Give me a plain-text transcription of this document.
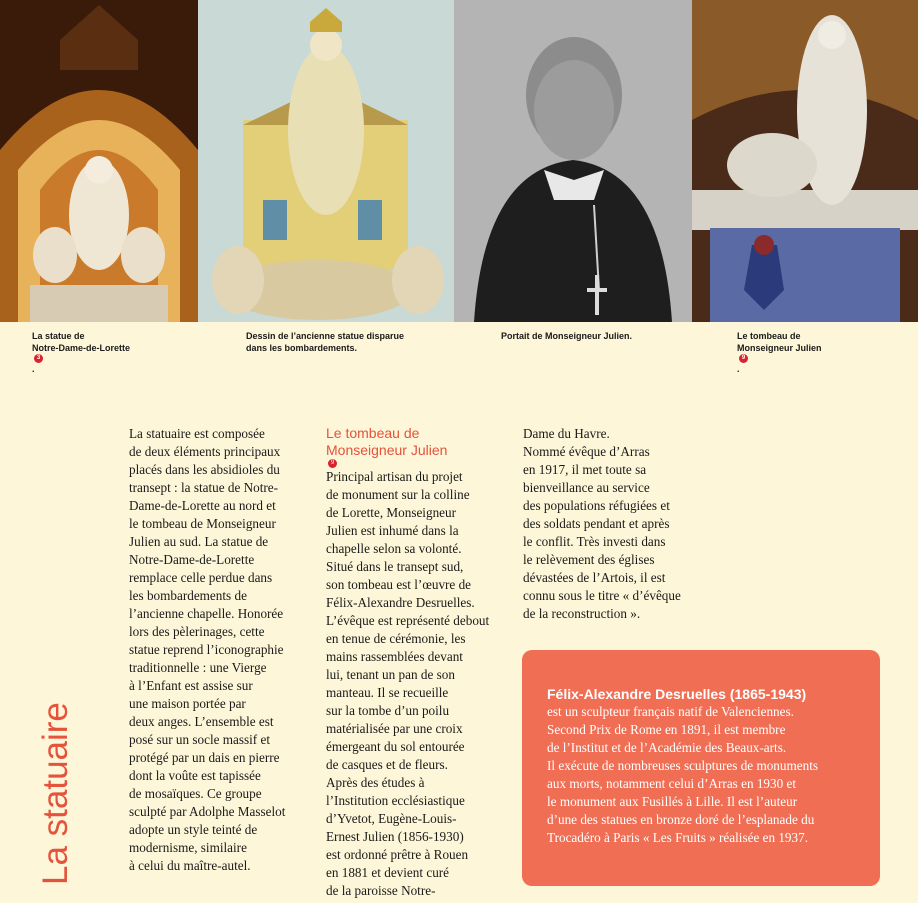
La statue de
Notre-Dame-de-Lorette
3
.
Dessin de l’ancienne statue disparue
dans les bombardements.
Portait de Monseigneur Julien.	Le tombeau de
Monseigneur Julien
9
.
La statuaire
La statuaire est composée
de deux éléments principaux
placés dans les absidioles du
transept : la statue de Notre-
Dame-de-Lorette au nord et
le tombeau de Monseigneur
Julien au sud. La statue de
Notre-Dame-de-Lorette
remplace celle perdue dans
les bombardements de
l’ancienne chapelle. Honorée
lors des pèlerinages, cette
statue reprend l’iconographie
traditionnelle : une Vierge
à l’Enfant est assise sur
une maison portée par
deux anges. L’ensemble est
posé sur un socle massif et
protégé par un dais en pierre
dont la voûte est tapissée
de mosaïques. Ce groupe
sculpté par Adolphe Masselot
adopte un style teinté de
modernisme, similaire
à celui du maître-autel.
Le tombeau de
Monseigneur Julien
9
Principal artisan du projet
de monument sur la colline
de Lorette, Monseigneur
Julien est inhumé dans la
chapelle selon sa volonté.
Situé dans le transept sud,
son tombeau est l’œuvre de
Félix-Alexandre Desruelles.
L’évêque est représenté debout
en tenue de cérémonie, les
mains rassemblées devant
lui, tenant un pan de son
manteau. Il se recueille
sur la tombe d’un poilu
matérialisée par une croix
émergeant du sol entourée
de casques et de fleurs.
Après des études à
l’Institution ecclésiastique
d’Yvetot, Eugène-Louis-
Ernest Julien (1856-1930)
est ordonné prêtre à Rouen
en 1881 et devient curé
de la paroisse Notre-
Dame du Havre.
Nommé évêque d’Arras
en 1917, il met toute sa
bienveillance au service
des populations réfugiées et
des soldats pendant et après
le conflit. Très investi dans
le relèvement des églises
dévastées de l’Artois, il est
connu sous le titre « d’évêque
de la reconstruction ».
Félix-Alexandre Desruelles (1865-1943)
est un sculpteur français natif de Valenciennes.
Second Prix de Rome en 1891, il est membre
de l’Institut et de l’Académie des Beaux-arts.
Il exécute de nombreuses sculptures de monuments
aux morts, notamment celui d’Arras en 1930 et
le monument aux Fusillés à Lille. Il est l’auteur
d’une des statues en bronze doré de l’esplanade du
Trocadéro à Paris « Les Fruits » réalisée en 1937.
